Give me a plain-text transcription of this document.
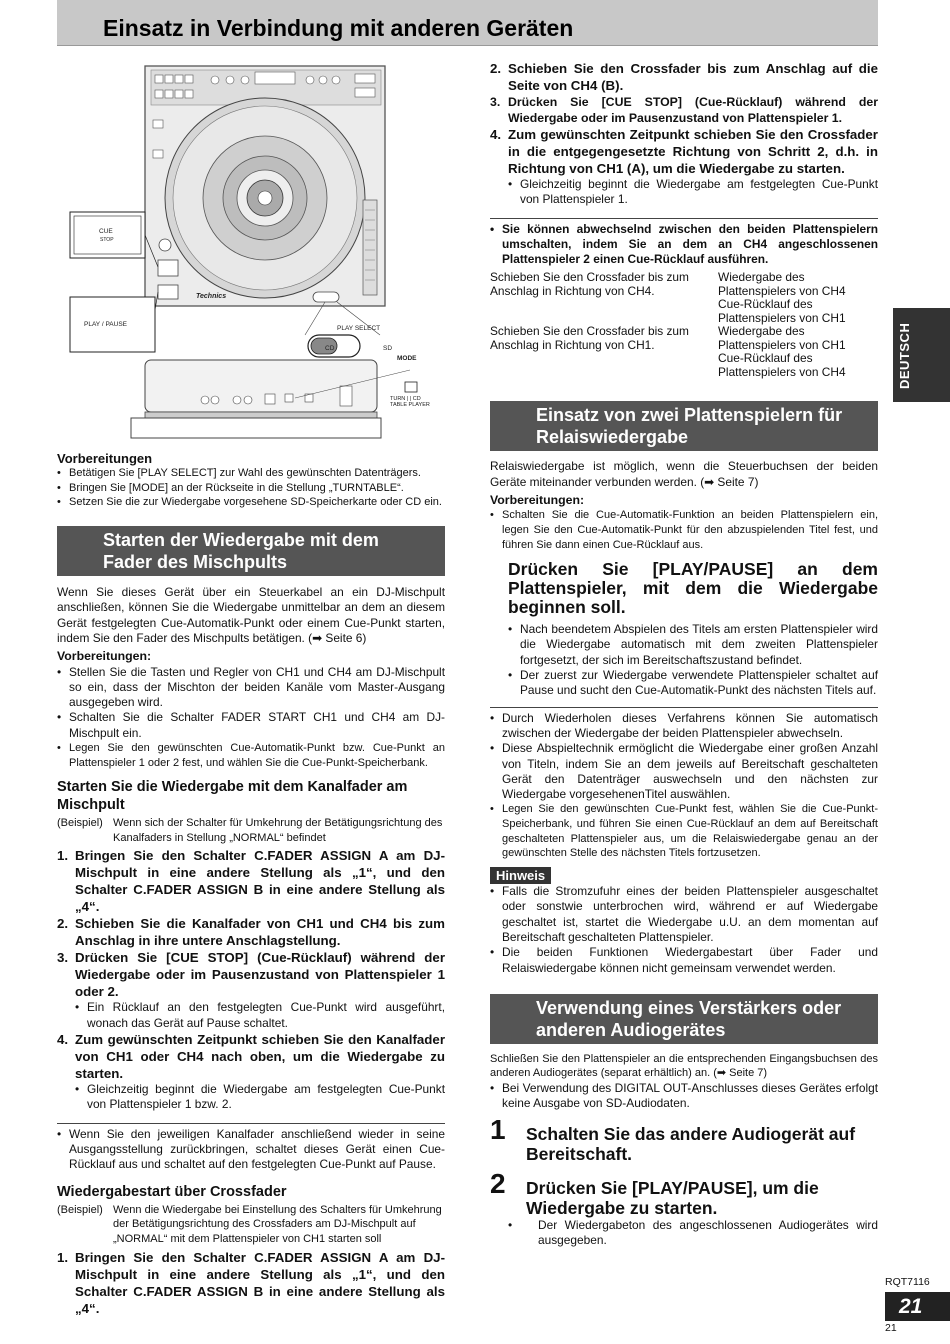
Einsatz in Verbindung mit anderen Geräten
Technics
CUE
STOP
PLAY / PAUSE
PLAY SELECT
CD	SD
MODE
TURN | | CD
TABLE PLAYER
Vorbereitungen
• Betätigen Sie [PLAY SELECT] zur Wahl des gewünschten Datenträgers.
• Bringen Sie [MODE] an der Rückseite in die Stellung „TURNTABLE“.
• Setzen Sie die zur Wiedergabe vorgesehene SD-Speicherkarte oder CD ein.
Starten der Wiedergabe mit dem
Fader des Mischpults
Wenn Sie dieses Gerät über ein Steuerkabel an ein DJ-Mischpult anschließen, können Sie die Wiedergabe unmittelbar an dem an diesem Gerät festgelegten Cue-Automatik-Punkt oder einem Cue-Punkt starten, indem Sie den Fader des Mischpults betätigen. (➡ Seite 6)
Vorbereitungen:
• Stellen Sie die Tasten und Regler von CH1 und CH4 am DJ-Mischpult so ein, dass der Mischton der beiden Kanäle vom Master-Ausgang ausgegeben wird.
• Schalten Sie die Schalter FADER START CH1 und CH4 am DJ-Mischpult ein.
• Legen Sie den gewünschten Cue-Automatik-Punkt bzw. Cue-Punkt an Plattenspieler 1 oder 2 fest, und wählen Sie die Cue-Punkt-Speicherbank.
Starten Sie die Wiedergabe mit dem Kanalfader am Mischpult
(Beispiel) Wenn sich der Schalter für Umkehrung der Betätigungsrichtung des Kanalfaders in Stellung „NORMAL“ befindet
1. Bringen Sie den Schalter C.FADER ASSIGN A am DJ-Mischpult in eine andere Stellung als „1“, und den Schalter C.FADER ASSIGN B in eine andere Stellung als „4“.
2. Schieben Sie die Kanalfader von CH1 und CH4 bis zum Anschlag in ihre untere Anschlagstellung.
3. Drücken Sie [CUE STOP] (Cue-Rücklauf) während der Wiedergabe oder im Pausenzustand von Plattenspieler 1 oder 2.
• Ein Rücklauf an den festgelegten Cue-Punkt wird ausgeführt, wonach das Gerät auf Pause schaltet.
4. Zum gewünschten Zeitpunkt schieben Sie den Kanalfader von CH1 oder CH4 nach oben, um die Wiedergabe zu starten.
• Gleichzeitig beginnt die Wiedergabe am festgelegten Cue-Punkt von Plattenspieler 1 bzw. 2.
• Wenn Sie den jeweiligen Kanalfader anschließend wieder in seine Ausgangsstellung zurückbringen, schaltet dieses Gerät einen Cue-Rücklauf aus und schaltet auf den festgelegten Cue-Punkt auf Pause.
Wiedergabestart über Crossfader
(Beispiel) Wenn die Wiedergabe bei Einstellung des Schalters für Umkehrung der Betätigungsrichtung des Crossfaders am DJ-Mischpult auf „NORMAL“ mit dem Plattenspieler von CH1 starten soll
1. Bringen Sie den Schalter C.FADER ASSIGN A am DJ-Mischpult in eine andere Stellung als „1“, und den Schalter C.FADER ASSIGN B in eine andere Stellung als „4“.
2. Schieben Sie den Crossfader bis zum Anschlag auf die Seite von CH4 (B).
3. Drücken Sie [CUE STOP] (Cue-Rücklauf) während der Wiedergabe oder im Pausenzustand von Plattenspieler 1.
4. Zum gewünschten Zeitpunkt schieben Sie den Crossfader in die entgegengesetzte Richtung von Schritt 2, d.h. in Richtung von CH1 (A), um die Wiedergabe zu starten.
• Gleichzeitig beginnt die Wiedergabe am festgelegten Cue-Punkt von Plattenspieler 1.
• Sie können abwechselnd zwischen den beiden Plattenspielern umschalten, indem Sie an dem an CH4 angeschlossenen Plattenspieler 2 einen Cue-Rücklauf ausführen.
Schieben Sie den Crossfader bis zum Anschlag in Richtung von CH4.
Wiedergabe des Plattenspielers von CH4
Cue-Rücklauf des Plattenspielers von CH1
Schieben Sie den Crossfader bis zum Anschlag in Richtung von CH1.
Wiedergabe des Plattenspielers von CH1
Cue-Rücklauf des Plattenspielers von CH4
Einsatz von zwei Plattenspielern für
Relaiswiedergabe
Relaiswiedergabe ist möglich, wenn die Steuerbuchsen der beiden Geräte miteinander verbunden werden. (➡ Seite 7)
Vorbereitungen:
• Schalten Sie die Cue-Automatik-Funktion an beiden Plattenspielern ein, legen Sie den Cue-Automatik-Punkt für den abzuspielenden Titel fest, und führen Sie dann einen Cue-Rücklauf aus.
Drücken Sie [PLAY/PAUSE] an dem Plattenspieler, mit dem die Wiedergabe beginnen soll.
• Nach beendetem Abspielen des Titels am ersten Plattenspieler wird die Wiedergabe automatisch mit dem zweiten Plattenspieler fortgesetzt, der sich im Bereitschaftszustand befindet.
• Der zuerst zur Wiedergabe verwendete Plattenspieler schaltet auf Pause und sucht den Cue-Automatik-Punkt des nächsten Titels auf.
• Durch Wiederholen dieses Verfahrens können Sie automatisch zwischen der Wiedergabe der beiden Plattenspieler abwechseln.
• Diese Abspieltechnik ermöglicht die Wiedergabe einer großen Anzahl von Titeln, indem Sie an dem jeweils auf Bereitschaft geschalteten Gerät den Datenträger auswechseln und den nächsten zur Wiedergabe vorgesehenenTitel auswählen.
• Legen Sie den gewünschten Cue-Punkt fest, wählen Sie die Cue-Punkt-Speicherbank, und führen Sie einen Cue-Rücklauf an dem auf Bereitschaft geschalteten Plattenspieler aus, um die Relaiswiedergabe genau an der gewünschten Stelle des nächsten Titels fortzusetzen.
Hinweis
• Falls die Stromzufuhr eines der beiden Plattenspieler ausgeschaltet oder sonstwie unterbrochen wird, während er auf Wiedergabe geschaltet ist, startet die Wiedergabe u.U. an dem momentan auf Bereitschaft geschalteten Plattenspieler.
• Die beiden Funktionen Wiedergabestart über Fader und Relaiswiedergabe können nicht gemeinsam verwendet werden.
Verwendung eines Verstärkers oder
anderen Audiogerätes
Schließen Sie den Plattenspieler an die entsprechenden Eingangsbuchsen des anderen Audiogerätes (separat erhältlich) an. (➡ Seite 7)
• Bei Verwendung des DIGITAL OUT-Anschlusses dieses Gerätes erfolgt keine Ausgabe von SD-Audiodaten.
1 Schalten Sie das andere Audiogerät auf Bereitschaft.
2 Drücken Sie [PLAY/PAUSE], um die Wiedergabe zu starten.
• Der Wiedergabeton des angeschlossenen Audiogerätes wird ausgegeben.
DEUTSCH
RQT7116
21
21
